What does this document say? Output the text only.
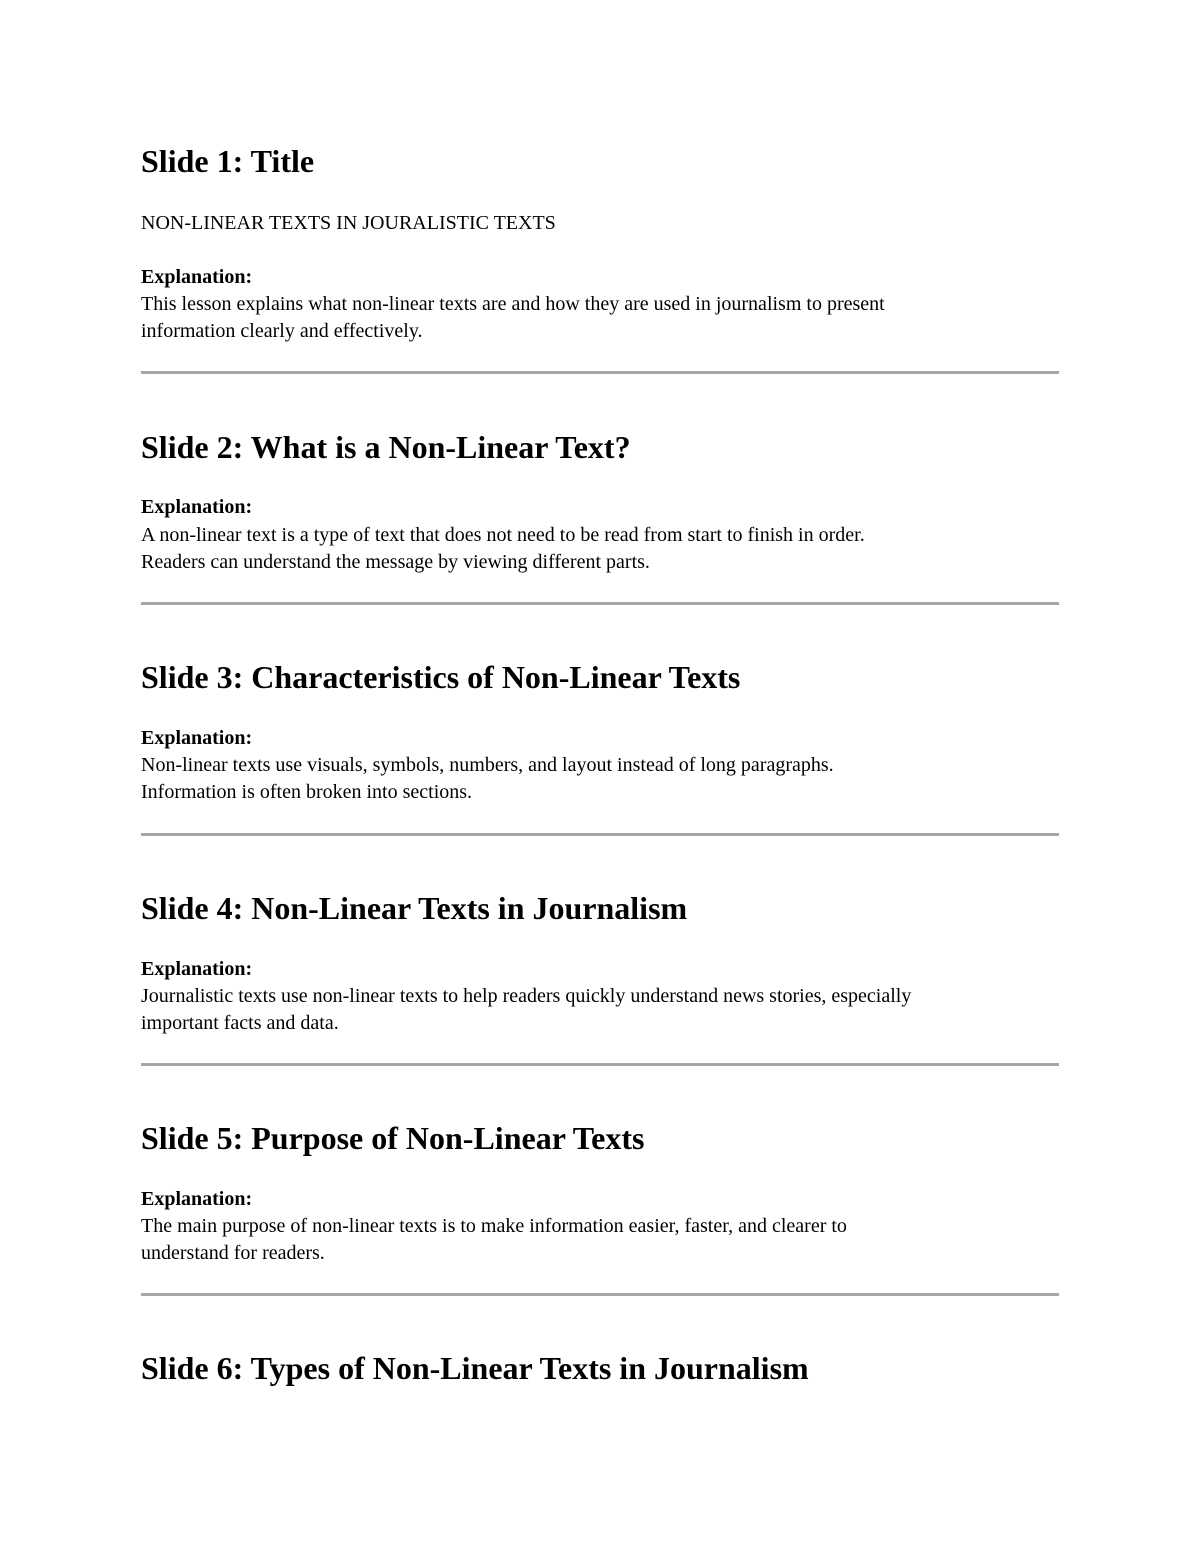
Slide 1: Title

NON-LINEAR TEXTS IN JOURALISTIC TEXTS

Explanation:

This lesson explains what non-linear texts are and how they are used in journalism to present

information clearly and effectively.

Slide 2: What is a Non-Linear Text?

Explanation:

A non-linear text is a type of text that does not need to be read from start to finish in order.

Readers can understand the message by viewing different parts.

Slide 3: Characteristics of Non-Linear Texts

Explanation:

Non-linear texts use visuals, symbols, numbers, and layout instead of long paragraphs.

Information is often broken into sections.

Slide 4: Non-Linear Texts in Journalism

Explanation:

Journalistic texts use non-linear texts to help readers quickly understand news stories, especially

important facts and data.

Slide 5: Purpose of Non-Linear Texts

Explanation:

The main purpose of non-linear texts is to make information easier, faster, and clearer to

understand for readers.

Slide 6: Types of Non-Linear Texts in Journalism
